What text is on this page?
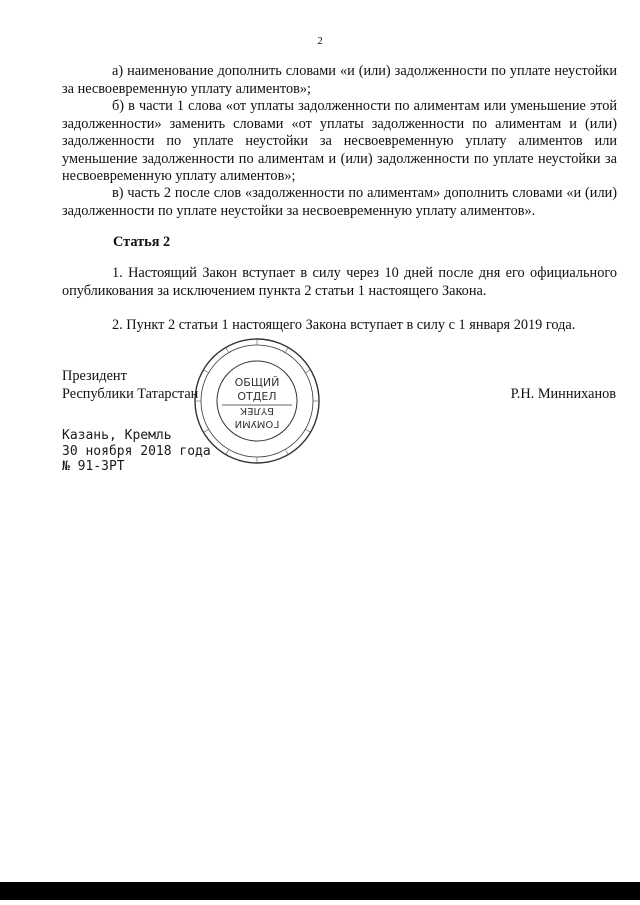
2

а) наименование дополнить словами «и (или) задолженности по уплате неустойки за несвоевременную уплату алиментов»;

б) в части 1 слова «от уплаты задолженности по алиментам или уменьшение этой задолженности» заменить словами «от уплаты задолженности по алиментам и (или) задолженности по уплате неустойки за несвоевременную уплату алиментов или уменьшение задолженности по алиментам и (или) задолженности по уплате неустойки за несвоевременную уплату алиментов»;

в) часть 2 после слов «задолженности по алиментам» дополнить словами «и (или) задолженности по уплате неустойки за несвоевременную уплату алиментов».

Статья 2

1. Настоящий Закон вступает в силу через 10 дней после дня его официального опубликования за исключением пункта 2 статьи 1 настоящего Закона.

2. Пункт 2 статьи 1 настоящего Закона вступает в силу с 1 января 2019 года.

Президент
Республики Татарстан	Р.Н. Минниханов
Казань, Кремль
30 ноября 2018 года
№ 91-ЗРТ
ОБЩИЙ
ОТДЕЛ
БҮЛЕК
ГОМУМИ
